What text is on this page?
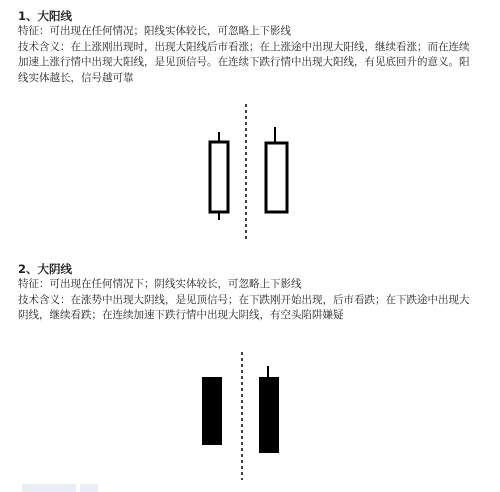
1、大阳线

特征：可出现在任何情况；阳线实体较长，可忽略上下影线

技术含义：在上涨刚出现时，出现大阳线后市看涨；在上涨途中出现大阳线，继续看涨；而在连续

加速上涨行情中出现大阳线，是见顶信号。在连续下跌行情中出现大阳线，有见底回升的意义。阳

线实体越长，信号越可靠

2、大阴线

特征：可出现在任何情况下；阴线实体较长，可忽略上下影线

技术含义：在涨势中出现大阴线，是见顶信号；在下跌刚开始出现，后市看跌；在下跌途中出现大

阴线，继续看跌；在连续加速下跌行情中出现大阴线，有空头陷阱嫌疑
